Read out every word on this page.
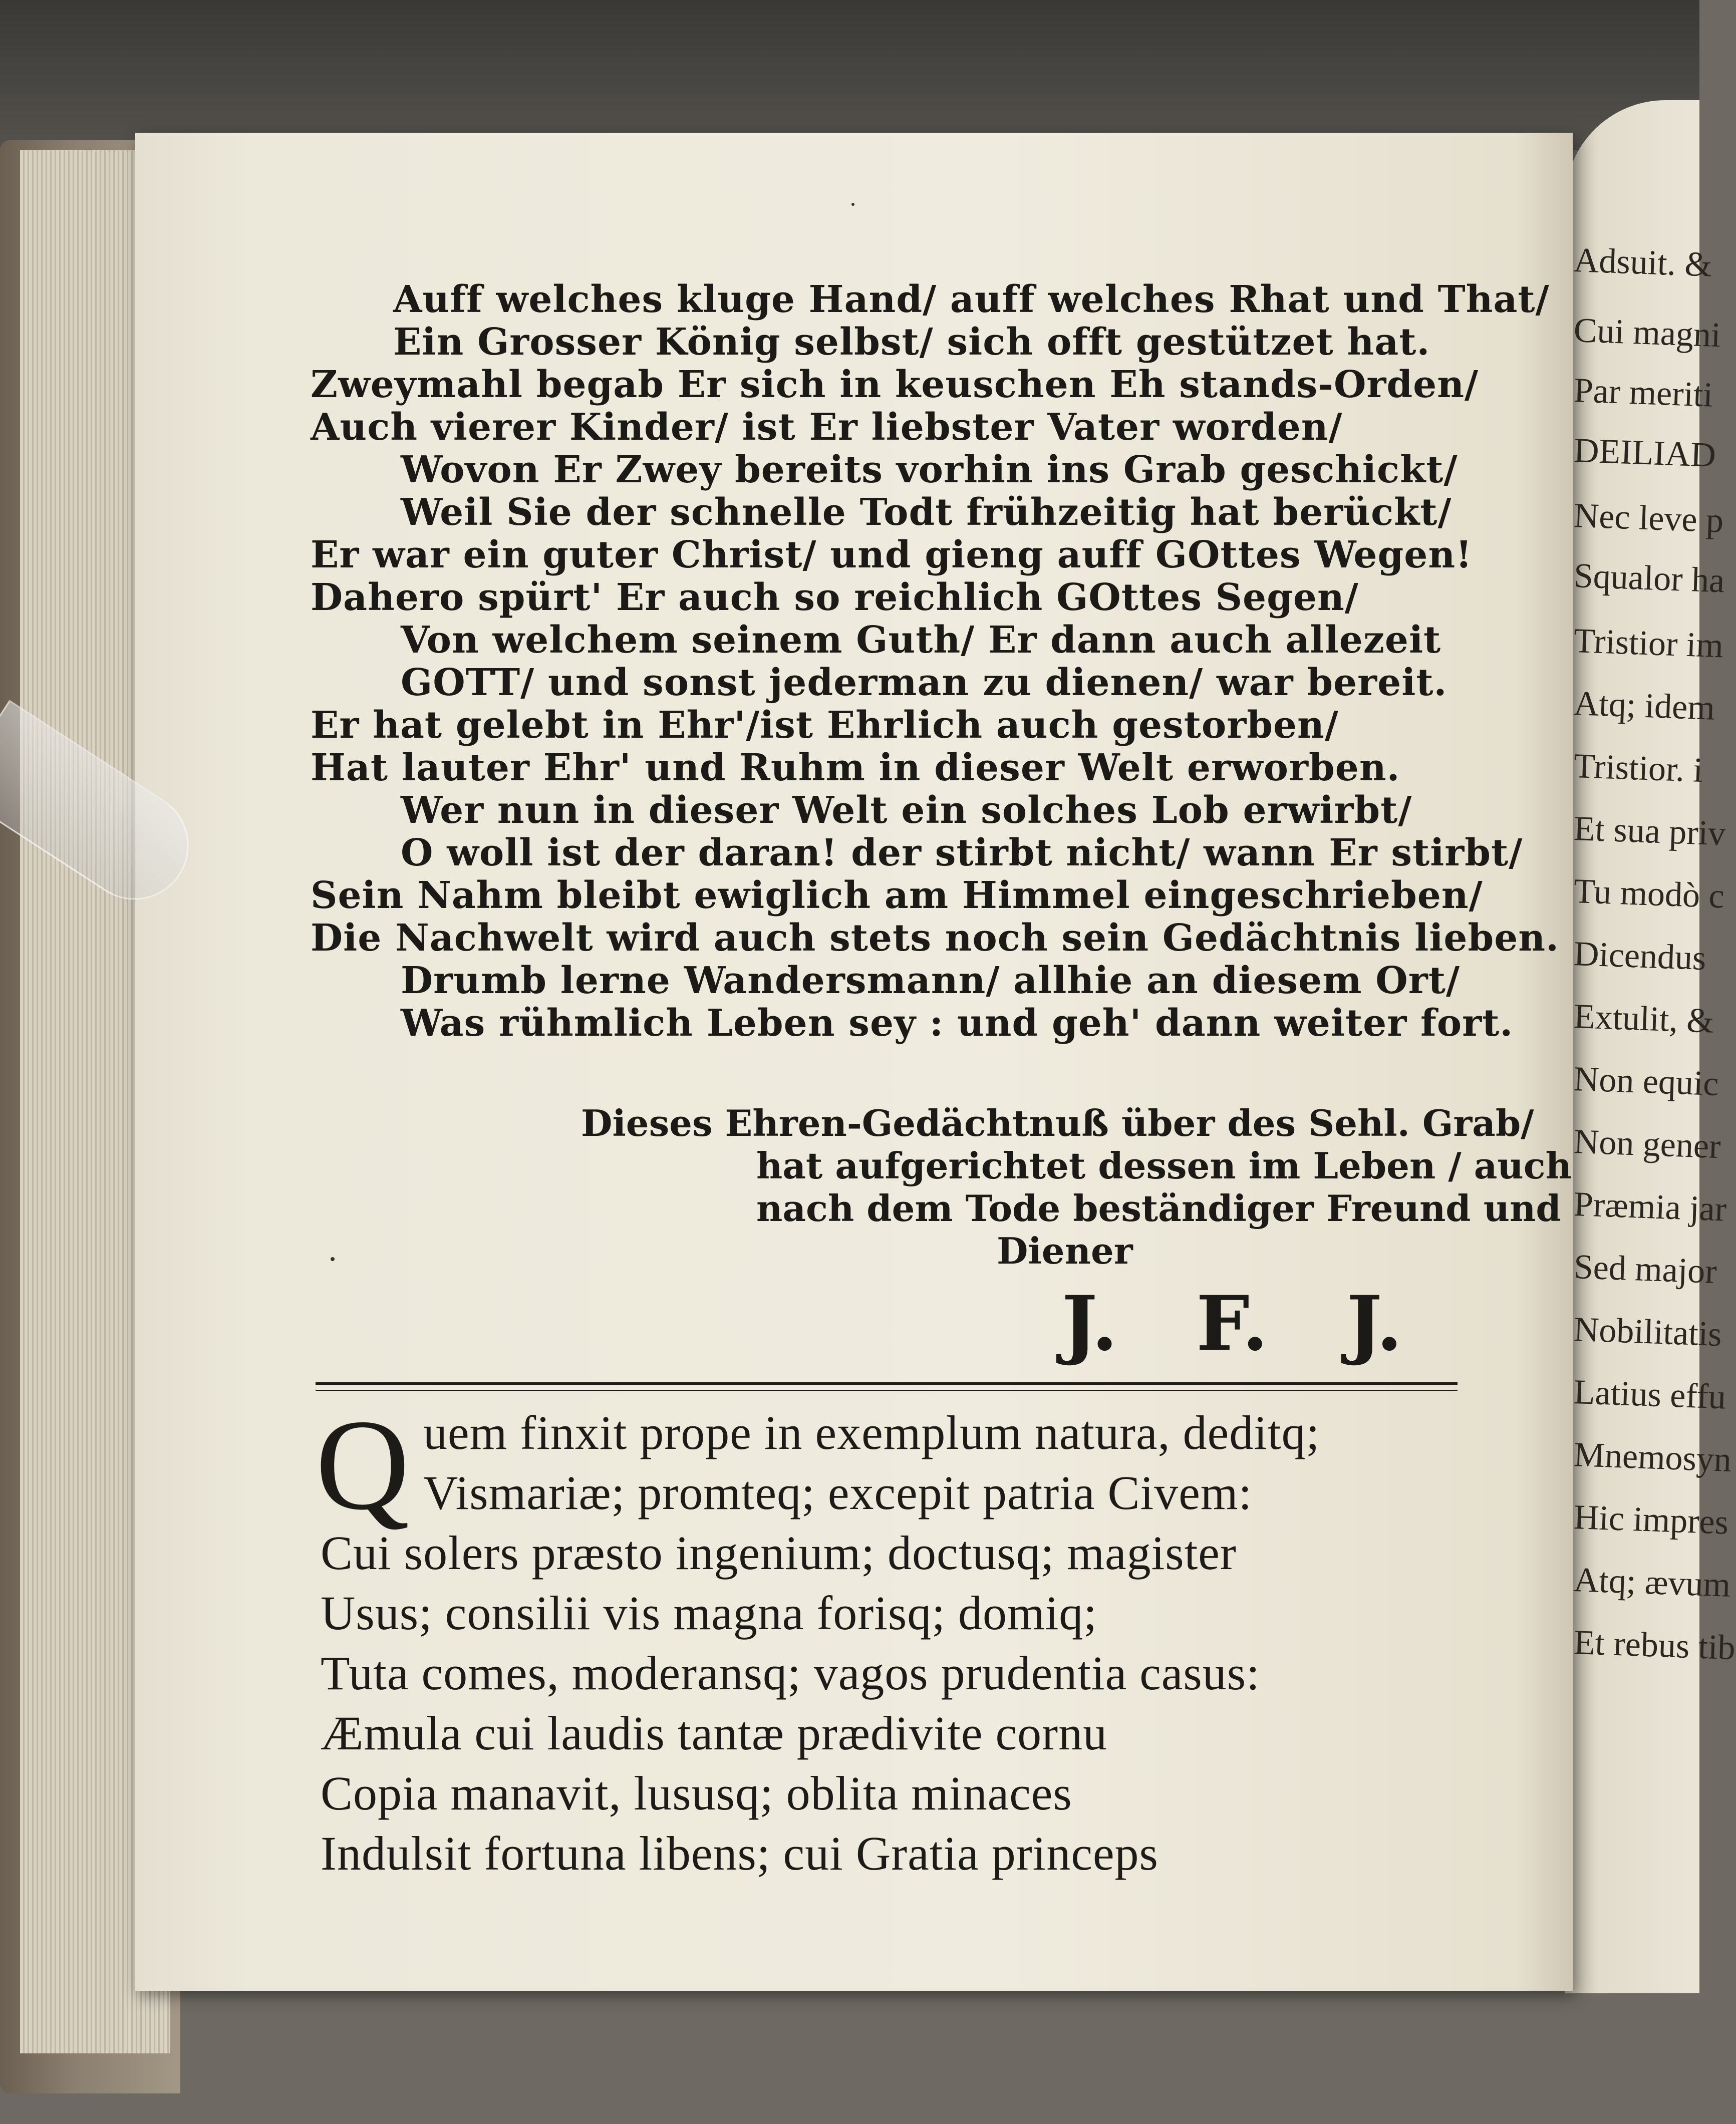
Auff welches kluge Hand/ auff welches Rhat und That/
Ein Grosser König selbst/ sich offt gestützet hat.
Zweymahl begab Er sich in keuschen Eh stands-Orden/
Auch vierer Kinder/ ist Er liebster Vater worden/
Wovon Er Zwey bereits vorhin ins Grab geschickt/
Weil Sie der schnelle Todt frühzeitig hat berückt/
Er war ein guter Christ/ und gieng auff GOttes Wegen!
Dahero spürt' Er auch so reichlich GOttes Segen/
Von welchem seinem Guth/ Er dann auch allezeit
GOTT/ und sonst jederman zu dienen/ war bereit.
Er hat gelebt in Ehr'/ist Ehrlich auch gestorben/
Hat lauter Ehr' und Ruhm in dieser Welt erworben.
Wer nun in dieser Welt ein solches Lob erwirbt/
O woll ist der daran! der stirbt nicht/ wann Er stirbt/
Sein Nahm bleibt ewiglich am Himmel eingeschrieben/
Die Nachwelt wird auch stets noch sein Gedächtnis lieben.
Drumb lerne Wandersmann/ allhie an diesem Ort/
Was rühmlich Leben sey : und geh' dann weiter fort.
Dieses Ehren-Gedächtnuß über des Sehl. Grab/
hat aufgerichtet dessen im Leben / auch
nach dem Tode beständiger Freund und
Diener
J.   F.   J.
Q uem finxit prope in exemplum natura, deditq;
Vismariæ; promteq; excepit patria Civem:
Cui solers præsto ingenium; doctusq; magister
Usus; consilii vis magna forisq; domiq;
Tuta comes, moderansq; vagos prudentia casus:
Æmula cui laudis tantæ prædivite cornu
Copia manavit, lususq; oblita minaces
Indulsit fortuna libens; cui Gratia princeps
Adsuit. &
Cui magni
Par meriti
DEILIAD
Nec leve p
Squalor ha
Tristior im
Atq; idem
Tristior. i
Et sua priv
Tu modò c
Dicendus
Extulit, &
Non equic
Non gener
Præmia jar
Sed major
Nobilitatis
Latius effu
Mnemosyn
Hic impres
Atq; ævum
Et rebus tib
